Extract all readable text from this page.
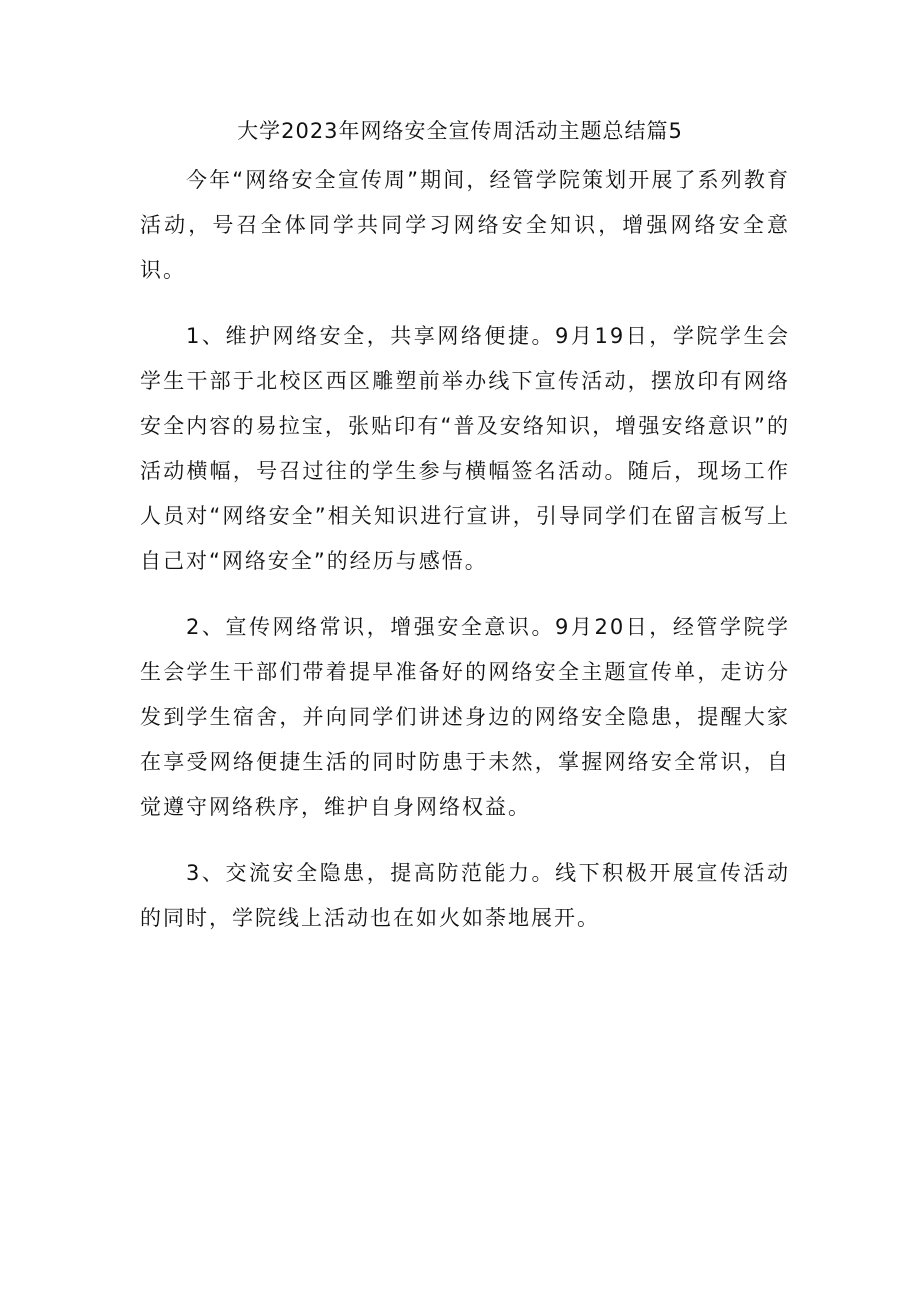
大学2023年网络安全宣传周活动主题总结篇5

今年“网络安全宣传周”期间，经管学院策划开展了系列教育活动，号召全体同学共同学习网络安全知识，增强网络安全意识。

1、维护网络安全，共享网络便捷。9月19日，学院学生会学生干部于北校区西区雕塑前举办线下宣传活动，摆放印有网络安全内容的易拉宝，张贴印有“普及安络知识，增强安络意识”的活动横幅，号召过往的学生参与横幅签名活动。随后，现场工作人员对“网络安全”相关知识进行宣讲，引导同学们在留言板写上自己对“网络安全”的经历与感悟。

2、宣传网络常识，增强安全意识。9月20日，经管学院学生会学生干部们带着提早准备好的网络安全主题宣传单，走访分发到学生宿舍，并向同学们讲述身边的网络安全隐患，提醒大家在享受网络便捷生活的同时防患于未然，掌握网络安全常识，自觉遵守网络秩序，维护自身网络权益。

3、交流安全隐患，提高防范能力。线下积极开展宣传活动的同时，学院线上活动也在如火如荼地展开。
